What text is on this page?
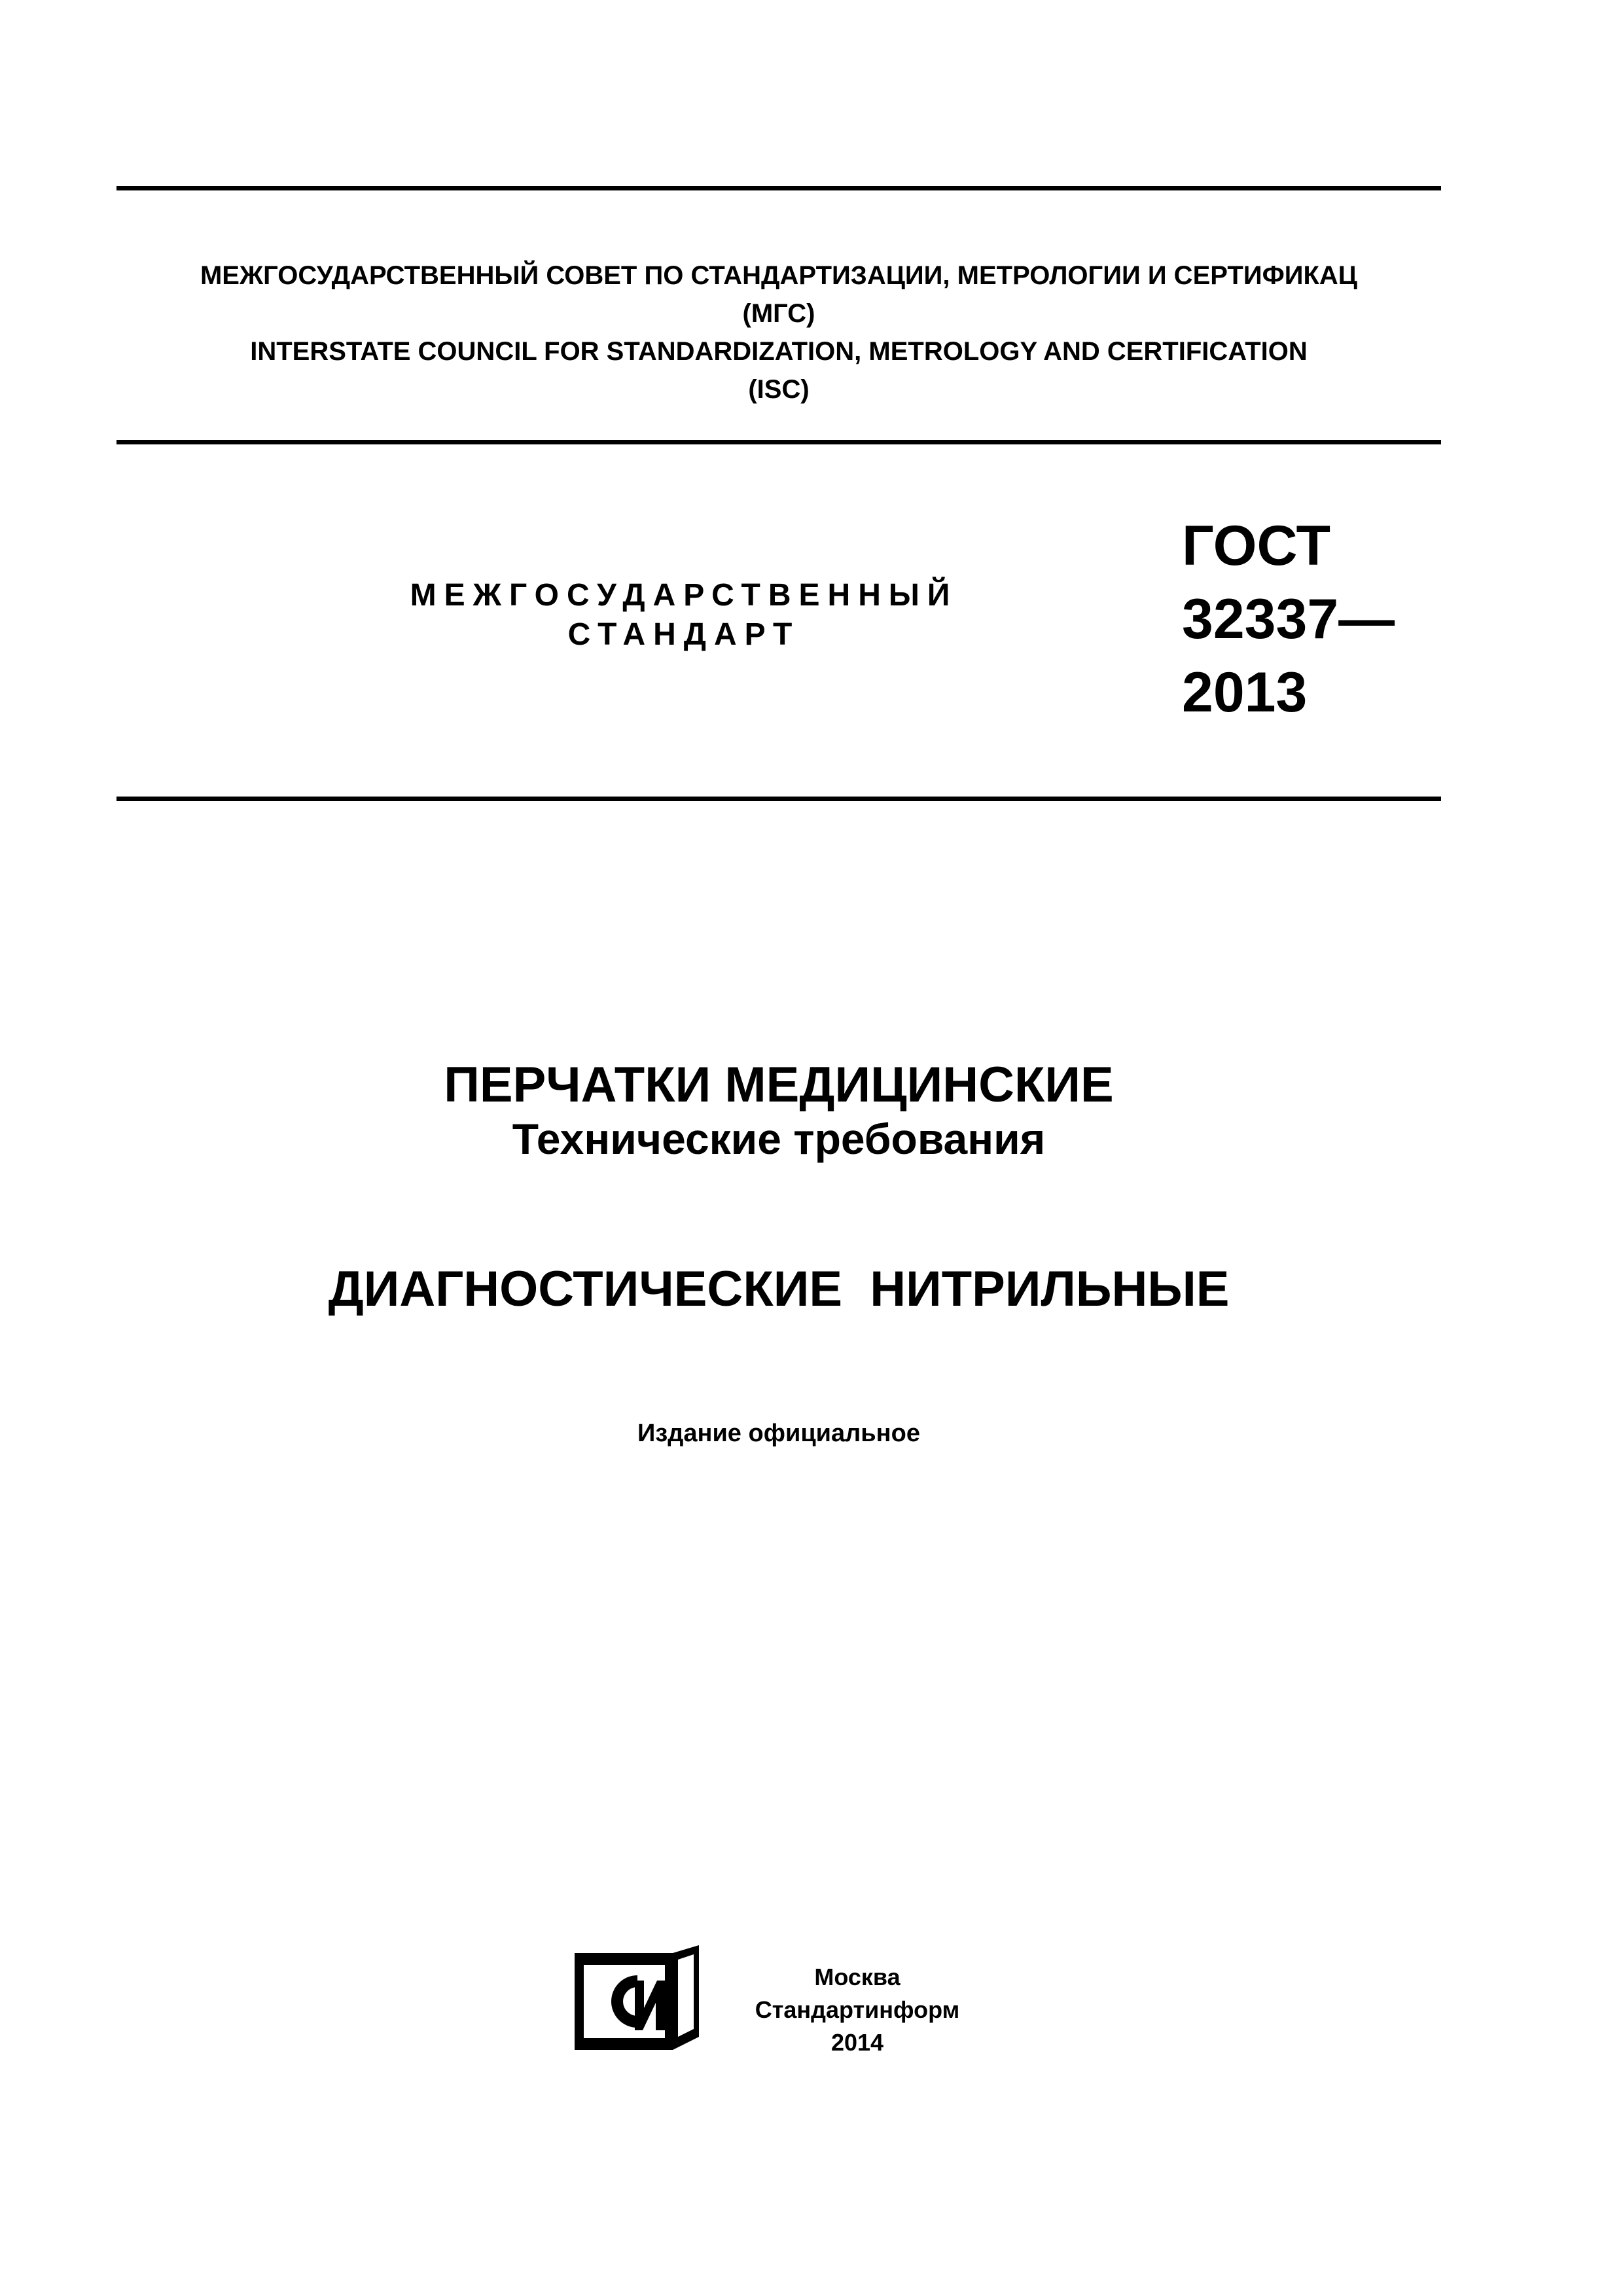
МЕЖГОСУДАРСТВЕННЫЙ СОВЕТ ПО СТАНДАРТИЗАЦИИ, МЕТРОЛОГИИ И СЕРТИФИКАЦ
(МГС)
INTERSTATE COUNCIL FOR STANDARDIZATION, METROLOGY AND CERTIFICATION
(ISC)
МЕЖГОСУДАРСТВЕННЫЙ
СТАНДАРТ
ГОСТ
32337—
2013

ПЕРЧАТКИ МЕДИЦИНСКИЕ

ДИАГНОСТИЧЕСКИЕ  НИТРИЛЬНЫЕ

Технические требования
Издание официальное
Москва
Стандартинформ
2014
